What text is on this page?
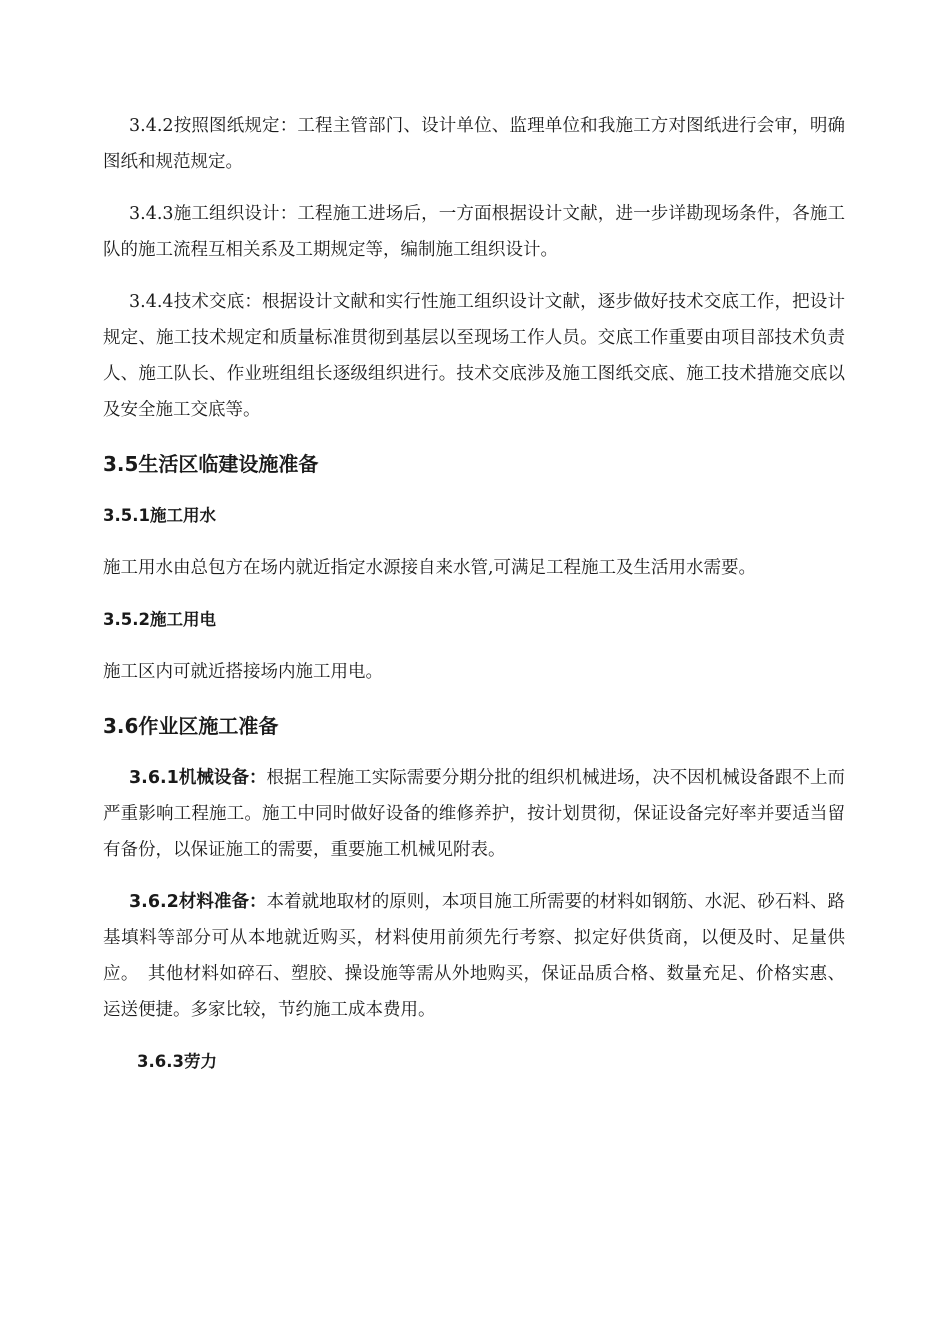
3.4.2按照图纸规定：工程主管部门、设计单位、监理单位和我施工方对图纸进行会审，明确图纸和规范规定。

3.4.3施工组织设计：工程施工进场后，一方面根据设计文献，进一步详勘现场条件，各施工队的施工流程互相关系及工期规定等，编制施工组织设计。

3.4.4技术交底：根据设计文献和实行性施工组织设计文献，逐步做好技术交底工作，把设计规定、施工技术规定和质量标准贯彻到基层以至现场工作人员。交底工作重要由项目部技术负责人、施工队长、作业班组组长逐级组织进行。技术交底涉及施工图纸交底、施工技术措施交底以及安全施工交底等。

3.5生活区临建设施准备
3.5.1施工用水

施工用水由总包方在场内就近指定水源接自来水管,可满足工程施工及生活用水需要。

3.5.2施工用电

施工区内可就近搭接场内施工用电。

3.6作业区施工准备

3.6.1机械设备：根据工程施工实际需要分期分批的组织机械进场，决不因机械设备跟不上而严重影响工程施工。施工中同时做好设备的维修养护，按计划贯彻，保证设备完好率并要适当留有备份，以保证施工的需要，重要施工机械见附表。

3.6.2材料准备：本着就地取材的原则，本项目施工所需要的材料如钢筋、水泥、砂石料、路基填料等部分可从本地就近购买，材料使用前须先行考察、拟定好供货商，以便及时、足量供应。　其他材料如碎石、塑胶、操设施等需从外地购买，保证品质合格、数量充足、价格实惠、运送便捷。多家比较，节约施工成本费用。

3.6.3劳力
